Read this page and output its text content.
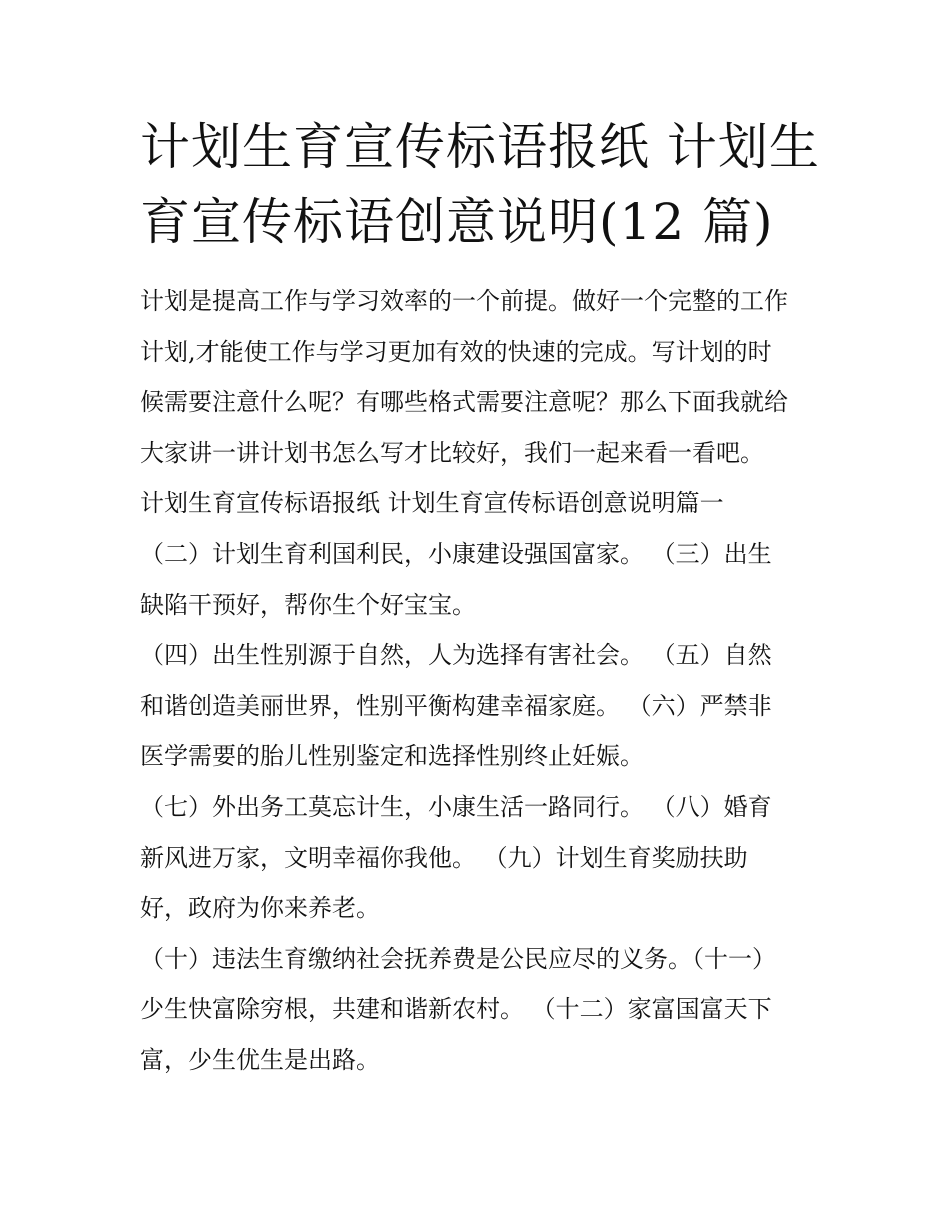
计划生育宣传标语报纸 计划生
育宣传标语创意说明(12 篇)
计划是提高工作与学习效率的一个前提。做好一个完整的工作
计划,才能使工作与学习更加有效的快速的完成。写计划的时
候需要注意什么呢？有哪些格式需要注意呢？那么下面我就给
大家讲一讲计划书怎么写才比较好，我们一起来看一看吧。
计划生育宣传标语报纸 计划生育宣传标语创意说明篇一
（二）计划生育利国利民，小康建设强国富家。 （三）出生
缺陷干预好，帮你生个好宝宝。
（四）出生性别源于自然，人为选择有害社会。 （五）自然
和谐创造美丽世界，性别平衡构建幸福家庭。 （六）严禁非
医学需要的胎儿性别鉴定和选择性别终止妊娠。
（七）外出务工莫忘计生，小康生活一路同行。 （八）婚育
新风进万家，文明幸福你我他。 （九）计划生育奖励扶助
好，政府为你来养老。
（十）违法生育缴纳社会抚养费是公民应尽的义务。（十一）
少生快富除穷根，共建和谐新农村。 （十二）家富国富天下
富，少生优生是出路。
